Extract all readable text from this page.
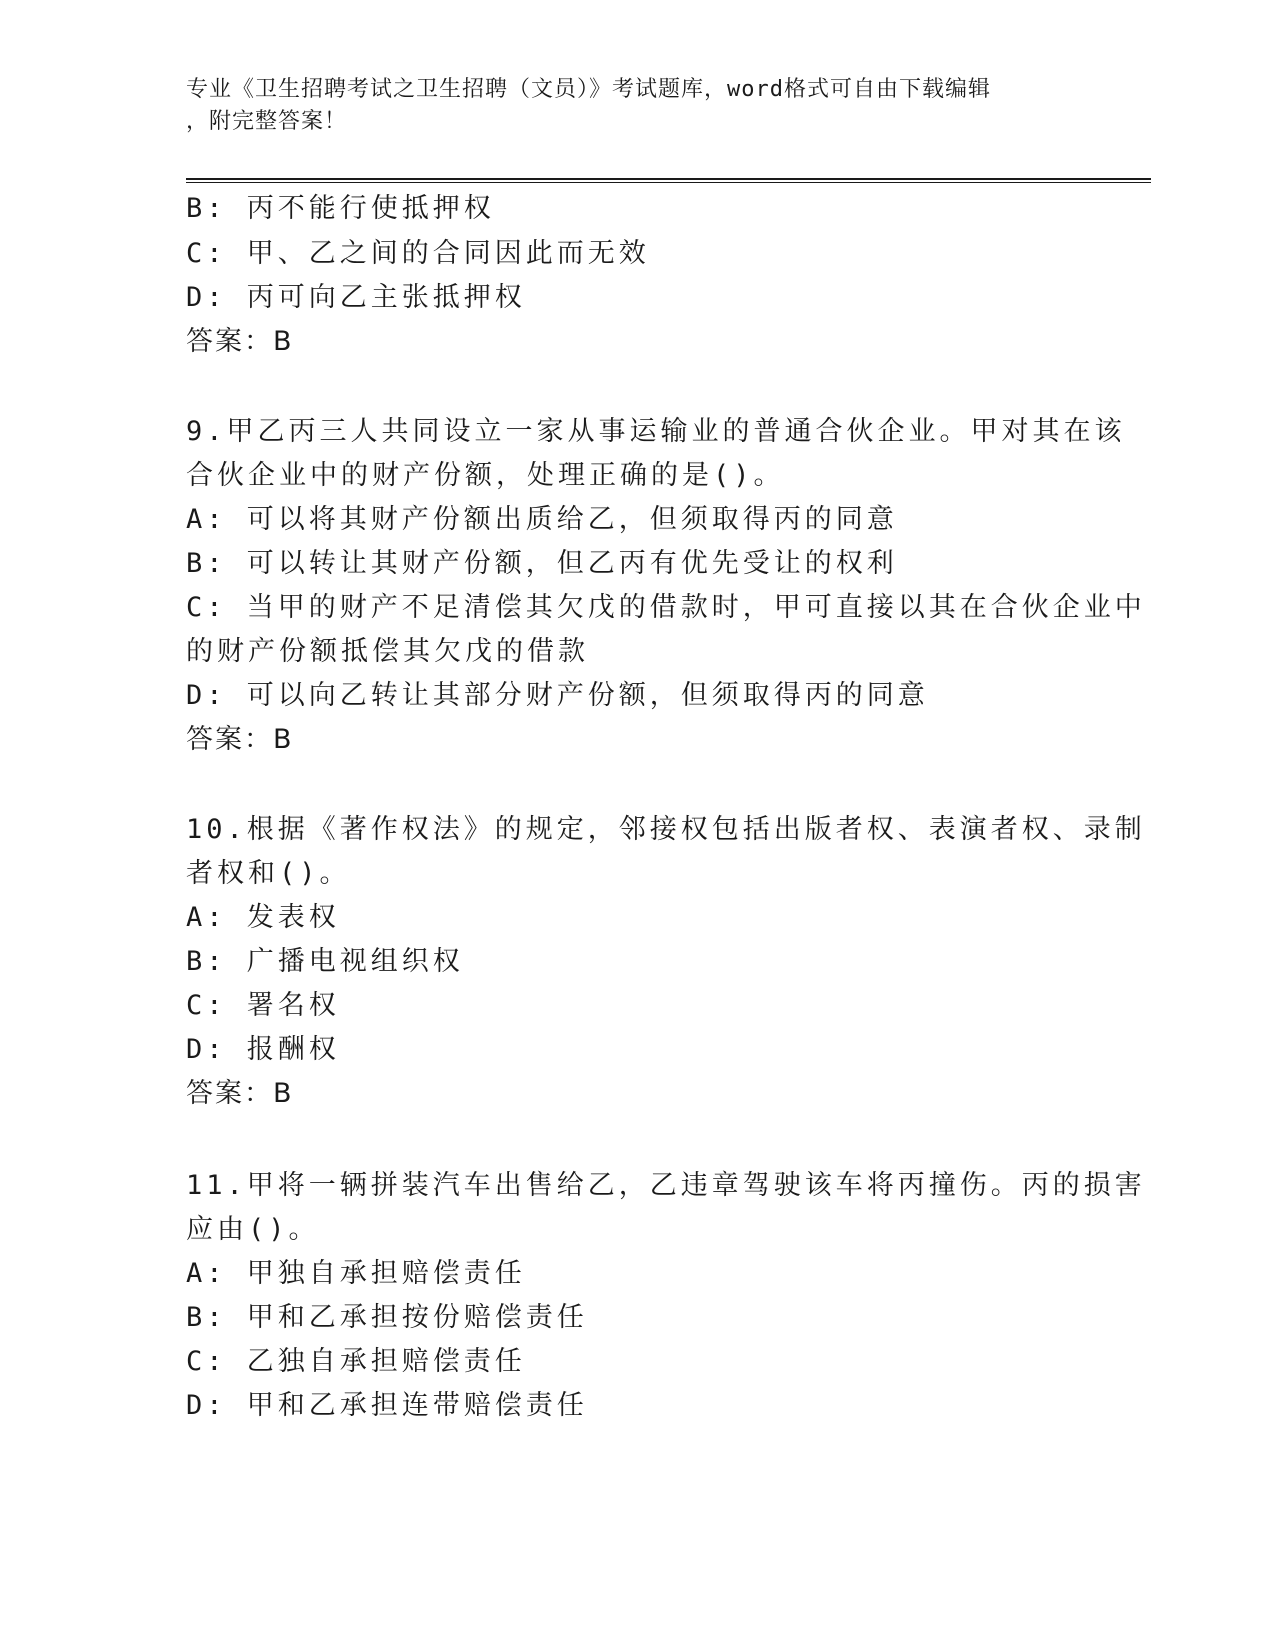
专业《卫生招聘考试之卫生招聘（文员）》考试题库，word格式可自由下载编辑
，附完整答案！

B: 丙不能行使抵押权
C: 甲、乙之间的合同因此而无效
D: 丙可向乙主张抵押权
答案：B
9.甲乙丙三人共同设立一家从事运输业的普通合伙企业。甲对其在该
合伙企业中的财产份额，处理正确的是()。
A: 可以将其财产份额出质给乙，但须取得丙的同意
B: 可以转让其财产份额，但乙丙有优先受让的权利
C: 当甲的财产不足清偿其欠戊的借款时，甲可直接以其在合伙企业中
的财产份额抵偿其欠戊的借款
D: 可以向乙转让其部分财产份额，但须取得丙的同意
答案：B
10.根据《著作权法》的规定，邻接权包括出版者权、表演者权、录制
者权和()。
A: 发表权
B: 广播电视组织权
C: 署名权
D: 报酬权
答案：B
11.甲将一辆拼装汽车出售给乙，乙违章驾驶该车将丙撞伤。丙的损害
应由()。
A: 甲独自承担赔偿责任
B: 甲和乙承担按份赔偿责任
C: 乙独自承担赔偿责任
D: 甲和乙承担连带赔偿责任
